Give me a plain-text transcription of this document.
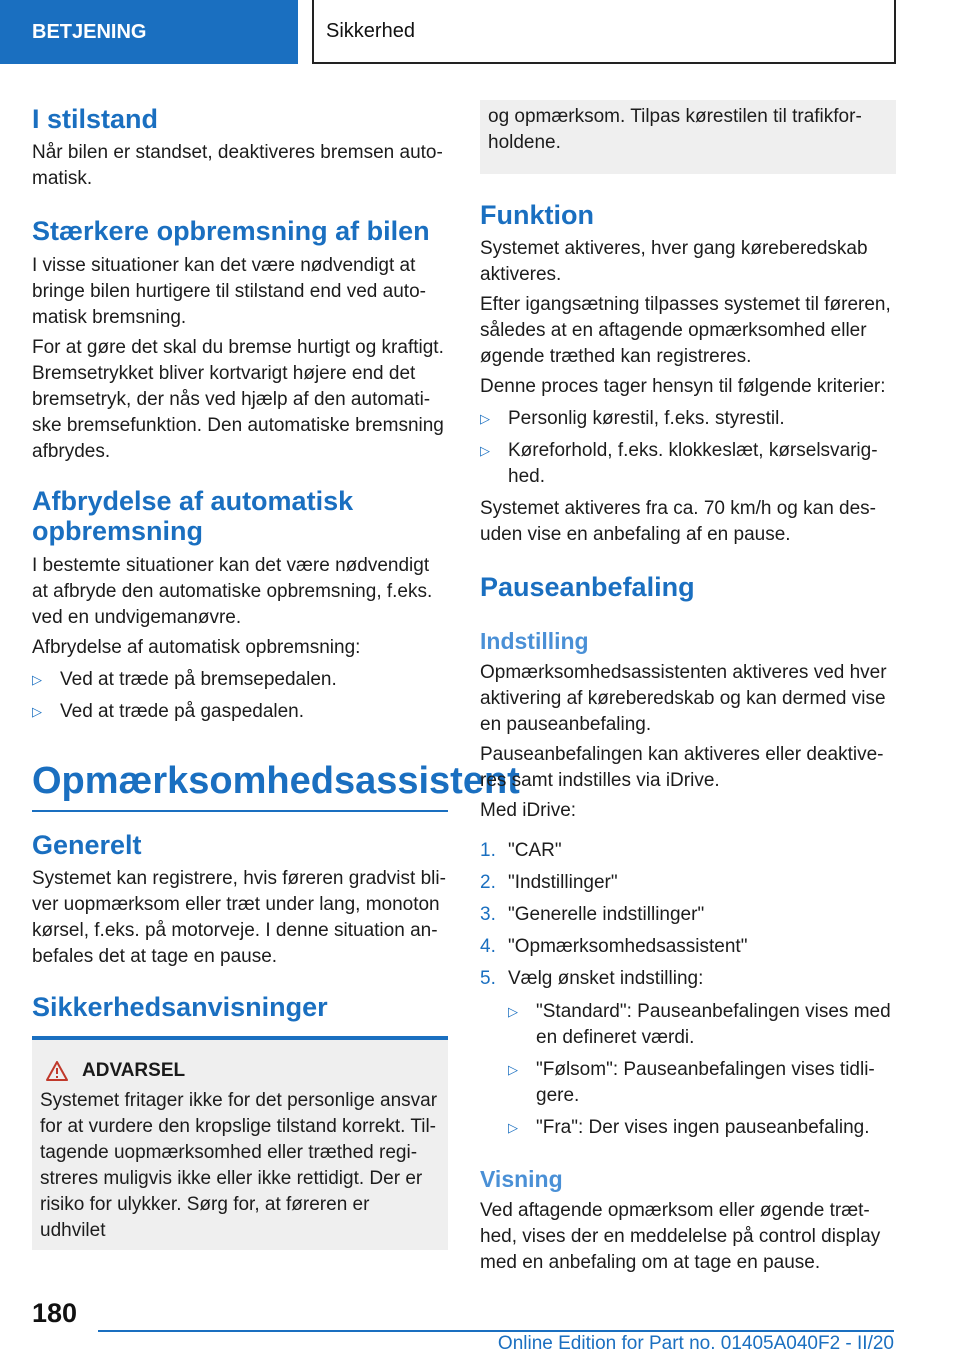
BETJENING	Sikkerhed
I stilstand
Når bilen er standset, deaktiveres bremsen auto-matisk.
Stærkere opbremsning af bilen
I visse situationer kan det være nødvendigt at bringe bilen hurtigere til stilstand end ved auto-matisk bremsning.
For at gøre det skal du bremse hurtigt og kraftigt. Bremsetrykket bliver kortvarigt højere end det bremsetryk, der nås ved hjælp af den automati-ske bremsefunktion. Den automatiske bremsning afbrydes.
Afbrydelse af automatisk opbremsning
I bestemte situationer kan det være nødvendigt at afbryde den automatiske opbremsning, f.eks. ved en undvigemanøvre.
Afbrydelse af automatisk opbremsning:
▷ Ved at træde på bremsepedalen.
▷ Ved at træde på gaspedalen.
Opmærksomhedsassistent
Generelt
Systemet kan registrere, hvis føreren gradvist bli-ver uopmærksom eller træt under lang, monoton kørsel, f.eks. på motorveje. I denne situation an-befales det at tage en pause.
Sikkerhedsanvisninger
ADVARSEL
Systemet fritager ikke for det personlige ansvar for at vurdere den kropslige tilstand korrekt. Til-tagende uopmærksomhed eller træthed regi-streres muligvis ikke eller ikke rettidigt. Der er risiko for ulykker. Sørg for, at føreren er udhvilet
og opmærksom. Tilpas kørestilen til trafikfor-holdene.
Funktion
Systemet aktiveres, hver gang køreberedskab aktiveres.
Efter igangsætning tilpasses systemet til føreren, således at en aftagende opmærksomhed eller øgende træthed kan registreres.
Denne proces tager hensyn til følgende kriterier:
▷ Personlig kørestil, f.eks. styrestil.
▷ Køreforhold, f.eks. klokkeslæt, kørselsvarig-hed.
Systemet aktiveres fra ca. 70 km/h og kan des-uden vise en anbefaling af en pause.
Pauseanbefaling
Indstilling
Opmærksomhedsassistenten aktiveres ved hver aktivering af køreberedskab og kan dermed vise en pauseanbefaling.
Pauseanbefalingen kan aktiveres eller deaktive-res samt indstilles via iDrive.
Med iDrive:
1. "CAR"
2. "Indstillinger"
3. "Generelle indstillinger"
4. "Opmærksomhedsassistent"
5. Vælg ønsket indstilling:
▷ "Standard": Pauseanbefalingen vises med en defineret værdi.
▷ "Følsom": Pauseanbefalingen vises tidli-gere.
▷ "Fra": Der vises ingen pauseanbefaling.
Visning
Ved aftagende opmærksom eller øgende træt-hed, vises der en meddelelse på control display med en anbefaling om at tage en pause.
180
Online Edition for Part no. 01405A040F2 - II/20
